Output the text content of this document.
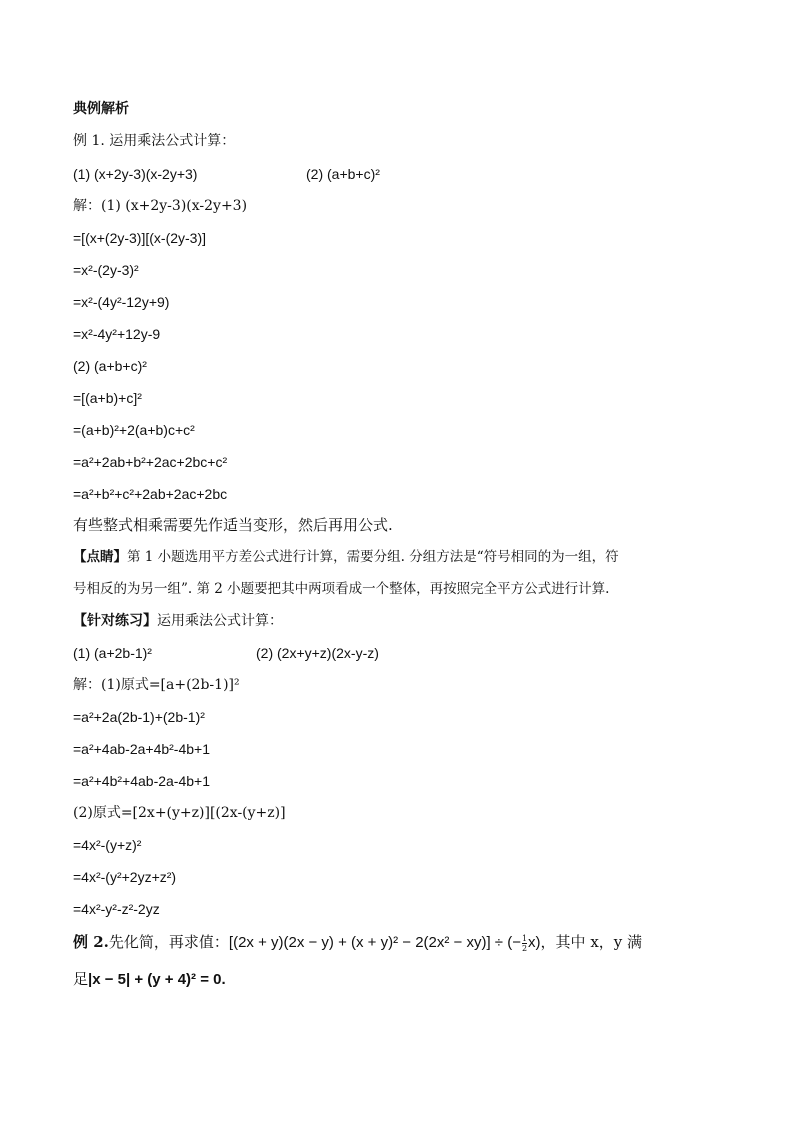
典例解析
例 1. 运用乘法公式计算：
(1) (x+2y-3)(x-2y+3)	(2) (a+b+c)²
解：(1) (x+2y-3)(x-2y+3)
=[(x+(2y-3)][(x-(2y-3)]
=x²-(2y-3)²
=x²-(4y²-12y+9)
=x²-4y²+12y-9
(2) (a+b+c)²
=[(a+b)+c]²
=(a+b)²+2(a+b)c+c²
=a²+2ab+b²+2ac+2bc+c²
=a²+b²+c²+2ab+2ac+2bc
有些整式相乘需要先作适当变形，然后再用公式.
【点睛】第 1 小题选用平方差公式进行计算，需要分组. 分组方法是“符号相同的为一组，符
号相反的为另一组”. 第 2 小题要把其中两项看成一个整体，再按照完全平方公式进行计算.
【针对练习】运用乘法公式计算：
(1) (a+2b-1)²	(2) (2x+y+z)(2x-y-z)
解：(1)原式=[a+(2b-1)]²
=a²+2a(2b-1)+(2b-1)²
=a²+4ab-2a+4b²-4b+1
=a²+4b²+4ab-2a-4b+1
(2)原式=[2x+(y+z)][(2x-(y+z)]
=4x²-(y+z)²
=4x²-(y²+2yz+z²)
=4x²-y²-z²-2yz
例 2.先化简，再求值：[(2x + y)(2x − y) + (x + y)² − 2(2x² − xy)] ÷ (− $\frac{1}{2} x$)，其中 x，y 满
足|x − 5| + (y + 4)² = 0.
